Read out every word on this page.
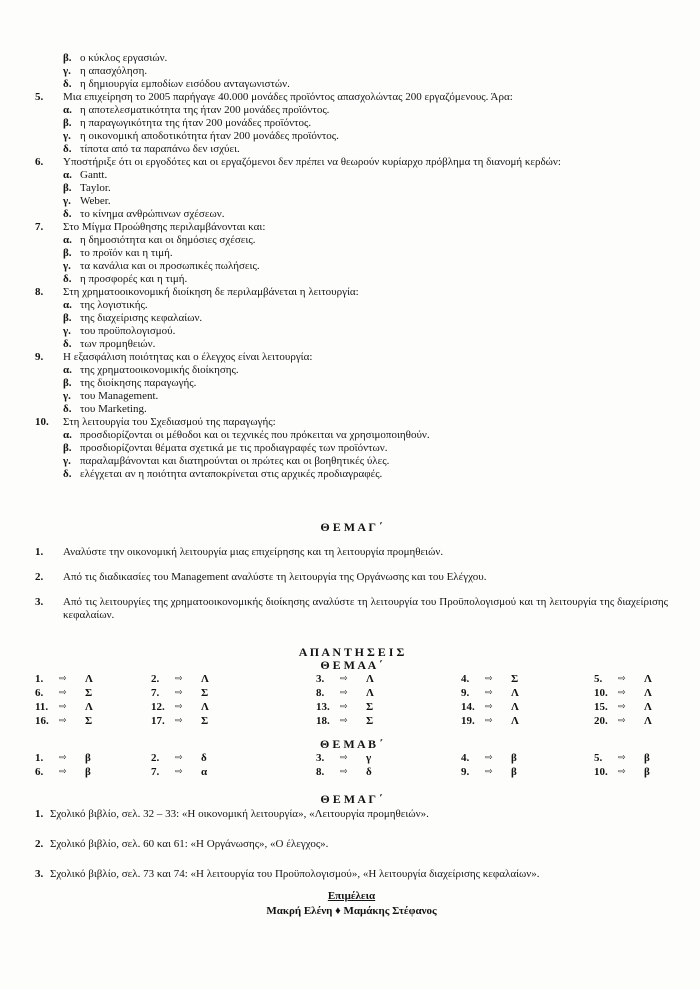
β. ο κύκλος εργασιών.
γ. η απασχόληση.
δ. η δημιουργία εμποδίων εισόδου ανταγωνιστών.
5.	Μια επιχείρηση το 2005 παρήγαγε 40.000 μονάδες προϊόντος απασχολώντας 200 εργαζόμενους. Άρα:
α. η αποτελεσματικότητα της ήταν 200 μονάδες προϊόντος.
β. η παραγωγικότητα της ήταν 200 μονάδες προϊόντος.
γ. η οικονομική αποδοτικότητα ήταν 200 μονάδες προϊόντος.
δ. τίποτα από τα παραπάνω δεν ισχύει.
6.	Υποστήριξε ότι οι εργοδότες και οι εργαζόμενοι δεν πρέπει να θεωρούν κυρίαρχο πρόβλημα τη διανομή κερδών:
α. Gantt.
β. Taylor.
γ. Weber.
δ. το κίνημα ανθρώπινων σχέσεων.
7.	Στο Μίγμα Προώθησης περιλαμβάνονται και:
α. η δημοσιότητα και οι δημόσιες σχέσεις.
β. το προϊόν και η τιμή.
γ. τα κανάλια και οι προσωπικές πωλήσεις.
δ. η προσφορές και η τιμή.
8.	Στη χρηματοοικονομική διοίκηση δε περιλαμβάνεται η λειτουργία:
α. της λογιστικής.
β. της διαχείρισης κεφαλαίων.
γ. του προϋπολογισμού.
δ. των προμηθειών.
9.	Η εξασφάλιση ποιότητας και ο έλεγχος είναι λειτουργία:
α. της χρηματοοικονομικής διοίκησης.
β. της διοίκησης παραγωγής.
γ. του Management.
δ. του Marketing.
10.	Στη λειτουργία του Σχεδιασμού της παραγωγής:
α. προσδιορίζονται οι μέθοδοι και οι τεχνικές που πρόκειται να χρησιμοποιηθούν.
β. προσδιορίζονται θέματα σχετικά με τις προδιαγραφές των προϊόντων.
γ. παραλαμβάνονται και διατηρούνται οι πρώτες και οι βοηθητικές ύλες.
δ. ελέγχεται αν η ποιότητα ανταποκρίνεται στις αρχικές προδιαγραφές.
Θ Ε Μ Α Γ ΄
1.	Αναλύστε την οικονομική λειτουργία μιας επιχείρησης και τη λειτουργία προμηθειών.
2.	Από τις διαδικασίες του Management αναλύστε τη λειτουργία της Οργάνωσης και του Ελέγχου.
3.	Από τις λειτουργίες της χρηματοοικονομικής διοίκησης αναλύστε τη λειτουργία του Προϋπολογισμού και τη λειτουργία της διαχείρισης κεφαλαίων.
Α Π Α Ν Τ Η Σ Ε Ι Σ
Θ Ε Μ Α Α ΄
1.	⇨	Λ	2.	⇨	Λ	3.	⇨	Λ	4.	⇨	Σ	5.	⇨	Λ
6.	⇨	Σ	7.	⇨	Σ	8.	⇨	Λ	9.	⇨	Λ	10.	⇨	Λ
11.	⇨	Λ	12.	⇨	Λ	13.	⇨	Σ	14.	⇨	Λ	15.	⇨	Λ
16.	⇨	Σ	17.	⇨	Σ	18.	⇨	Σ	19.	⇨	Λ	20.	⇨	Λ
Θ Ε Μ Α Β ΄
1.	⇨	β	2.	⇨	δ	3.	⇨	γ	4.	⇨	β	5.	⇨	β
6.	⇨	β	7.	⇨	α	8.	⇨	δ	9.	⇨	β	10.	⇨	β
Θ Ε Μ Α Γ ΄
1. Σχολικό βιβλίο, σελ. 32 – 33: «Η οικονομική λειτουργία», «Λειτουργία προμηθειών».
2. Σχολικό βιβλίο, σελ. 60 και 61: «Η Οργάνωσης», «Ο έλεγχος».
3. Σχολικό βιβλίο, σελ. 73 και 74: «Η λειτουργία του Προϋπολογισμού», «Η λειτουργία διαχείρισης κεφαλαίων».
Επιμέλεια
Μακρή Ελένη ♦ Μαμάκης Στέφανος
